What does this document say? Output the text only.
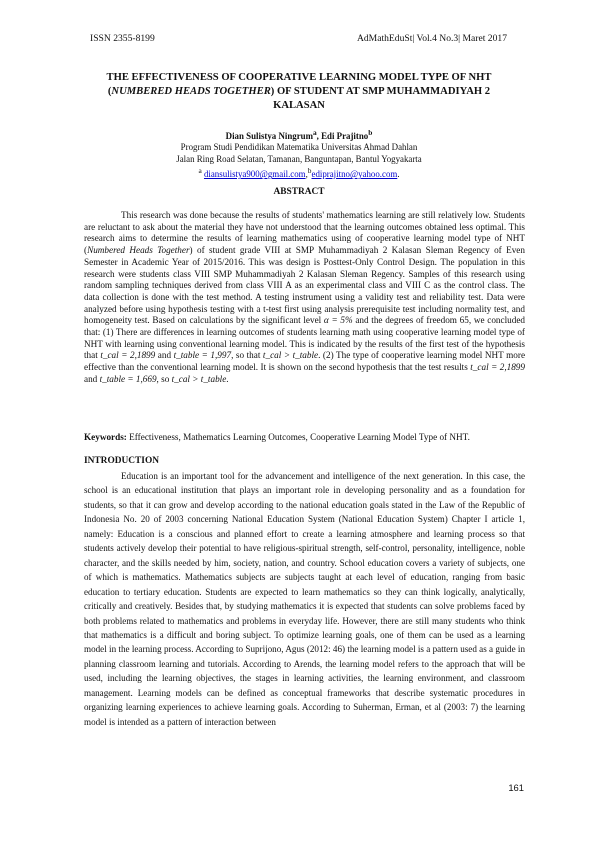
ISSN 2355-8199	AdMathEduSt| Vol.4 No.3| Maret 2017
THE EFFECTIVENESS OF COOPERATIVE LEARNING MODEL TYPE OF NHT
(NUMBERED HEADS TOGETHER) OF STUDENT AT SMP MUHAMMADIYAH 2
KALASAN
Dian Sulistya Ningrum$^a$, Edi Prajitno$^b$
Program Studi Pendidikan Matematika Universitas Ahmad Dahlan
Jalan Ring Road Selatan, Tamanan, Banguntapan, Bantul Yogyakarta
$^a$ diansulistya900@gmail.com,$^b$ediprajitno@yahoo.com.
ABSTRACT

This research was done because the results of students' mathematics learning are still relatively low. Students are reluctant to ask about the material they have not understood that the learning outcomes obtained less optimal. This research aims to determine the results of learning mathematics using of cooperative learning model type of NHT (Numbered Heads Together) of student grade VIII at SMP Muhammadiyah 2 Kalasan Sleman Regency of Even Semester in Academic Year of 2015/2016. This was design is Posttest-Only Control Design. The population in this research were students class VIII SMP Muhammadiyah 2 Kalasan Sleman Regency. Samples of this research using random sampling techniques derived from class VIII A as an experimental class and VIII C as the control class. The data collection is done with the test method. A testing instrument using a validity test and reliability test. Data were analyzed before using hypothesis testing with a t-test first using analysis prerequisite test including normality test, and homogeneity test. Based on calculations by the significant level α = 5% and the degrees of freedom 65, we concluded that: (1) There are differences in learning outcomes of students learning math using cooperative learning model type of NHT with learning using conventional learning model. This is indicated by the results of the first test of the hypothesis that t_cal = 2,1899 and t_table = 1,997, so that t_cal > t_table. (2) The type of cooperative learning model NHT more effective than the conventional learning model. It is shown on the second hypothesis that the test results t_cal = 2,1899 and t_table = 1,669, so t_cal > t_table.

Keywords: Effectiveness, Mathematics Learning Outcomes, Cooperative Learning Model Type of NHT.
INTRODUCTION

Education is an important tool for the advancement and intelligence of the next generation. In this case, the school is an educational institution that plays an important role in developing personality and as a foundation for students, so that it can grow and develop according to the national education goals stated in the Law of the Republic of Indonesia No. 20 of 2003 concerning National Education System (National Education System) Chapter I article 1, namely: Education is a conscious and planned effort to create a learning atmosphere and learning process so that students actively develop their potential to have religious-spiritual strength, self-control, personality, intelligence, noble character, and the skills needed by him, society, nation, and country. School education covers a variety of subjects, one of which is mathematics. Mathematics subjects are subjects taught at each level of education, ranging from basic education to tertiary education. Students are expected to learn mathematics so they can think logically, analytically, critically and creatively. Besides that, by studying mathematics it is expected that students can solve problems faced by both problems related to mathematics and problems in everyday life. However, there are still many students who think that mathematics is a difficult and boring subject. To optimize learning goals, one of them can be used as a learning model in the learning process. According to Suprijono, Agus (2012: 46) the learning model is a pattern used as a guide in planning classroom learning and tutorials. According to Arends, the learning model refers to the approach that will be used, including the learning objectives, the stages in learning activities, the learning environment, and classroom management. Learning models can be defined as conceptual frameworks that describe systematic procedures in organizing learning experiences to achieve learning goals. According to Suherman, Erman, et al (2003: 7) the learning model is intended as a pattern of interaction between

161
